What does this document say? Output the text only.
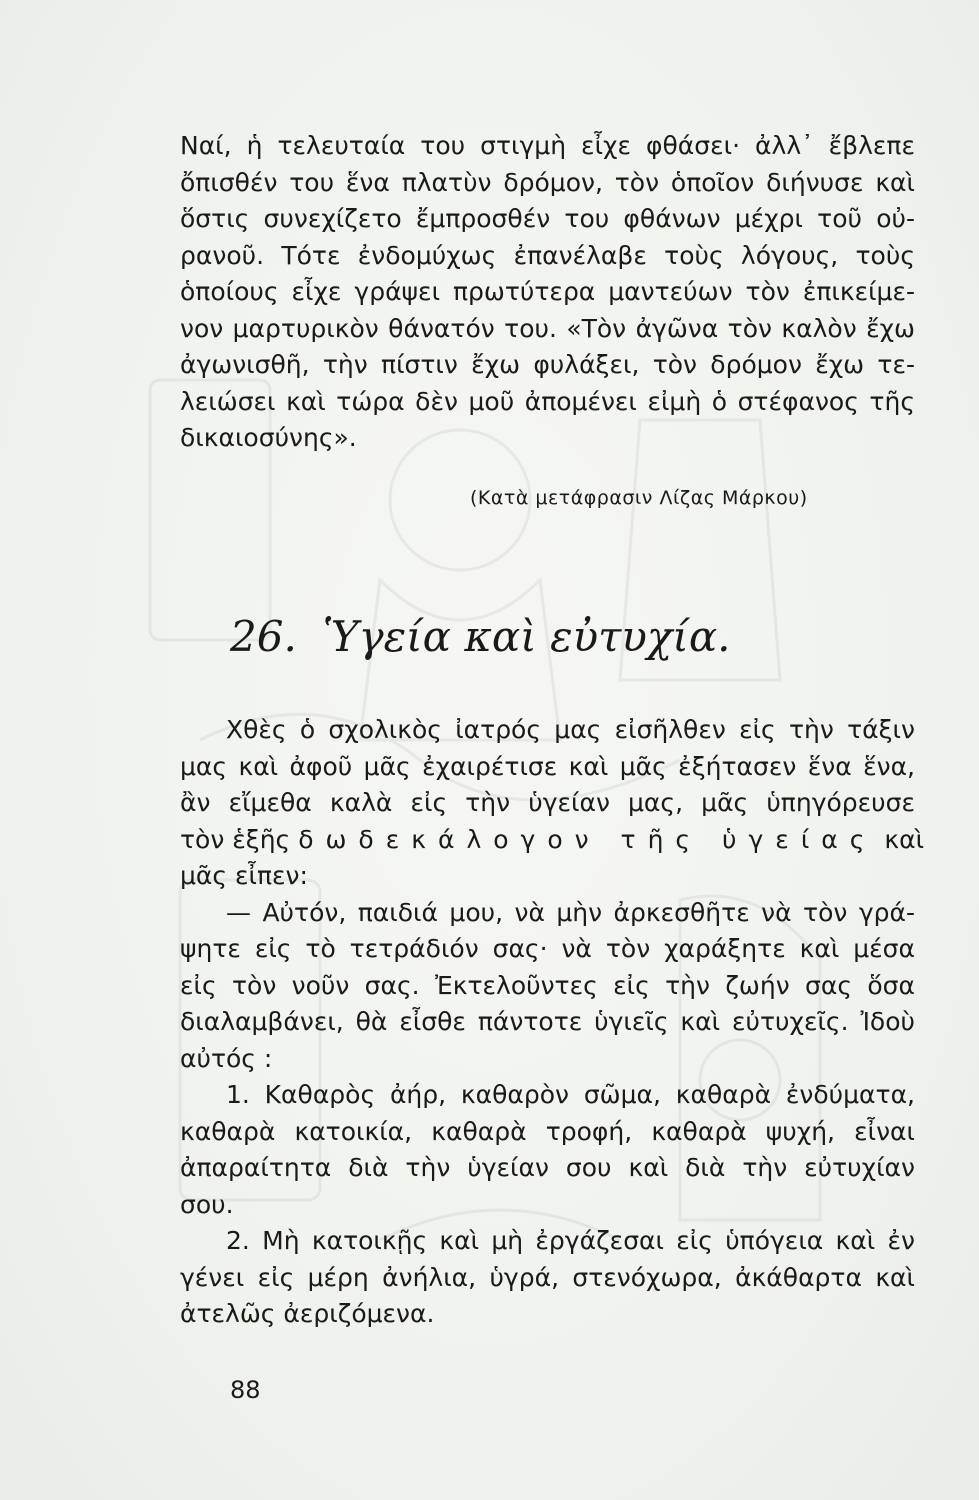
Ναί, ἡ τελευταία του στιγμὴ εἶχε φθάσει· ἀλλ᾿ ἔβλεπε
ὄπισθέν του ἕνα πλατὺν δρόμον, τὸν ὁποῖον διήνυσε καὶ
ὅστις συνεχίζετο ἔμπροσθέν του φθάνων μέχρι τοῦ οὐ-
ρανοῦ. Τότε ἐνδομύχως ἐπανέλαβε τοὺς λόγους, τοὺς
ὁποίους εἶχε γράψει πρωτύτερα μαντεύων τὸν ἐπικείμε-
νον μαρτυρικὸν θάνατόν του. «Τὸν ἀγῶνα τὸν καλὸν ἔχω
ἀγωνισθῆ, τὴν πίστιν ἔχω φυλάξει, τὸν δρόμον ἔχω τε-
λειώσει καὶ τώρα δὲν μοῦ ἀπομένει εἰμὴ ὁ στέφανος τῆς
δικαιοσύνης».
(Κατὰ μετάφρασιν Λίζας Μάρκου)
26. Ὑγεία καὶ εὐτυχία.
Χθὲς ὁ σχολικὸς ἰατρός μας εἰσῆλθεν εἰς τὴν τάξιν
μας καὶ ἀφοῦ μᾶς ἐχαιρέτισε καὶ μᾶς ἐξήτασεν ἕνα ἕνα,
ἂν εἴμεθα καλὰ εἰς τὴν ὑγείαν μας, μᾶς ὑπηγόρευσε
τὸν ἑξῆς δωδεκάλογον τῆς ὑγείας καὶ
μᾶς εἶπεν:
— Αὐτόν, παιδιά μου, νὰ μὴν ἀρκεσθῆτε νὰ τὸν γρά-
ψητε εἰς τὸ τετράδιόν σας· νὰ τὸν χαράξητε καὶ μέσα
εἰς τὸν νοῦν σας. Ἐκτελοῦντες εἰς τὴν ζωήν σας ὅσα
διαλαμβάνει, θὰ εἶσθε πάντοτε ὑγιεῖς καὶ εὐτυχεῖς. Ἰδοὺ
αὐτός :
1. Καθαρὸς ἀήρ, καθαρὸν σῶμα, καθαρὰ ἐνδύματα,
καθαρὰ κατοικία, καθαρὰ τροφή, καθαρὰ ψυχή, εἶναι
ἀπαραίτητα διὰ τὴν ὑγείαν σου καὶ διὰ τὴν εὐτυχίαν
σου.
2. Μὴ κατοικῇς καὶ μὴ ἐργάζεσαι εἰς ὑπόγεια καὶ ἐν
γένει εἰς μέρη ἀνήλια, ὑγρά, στενόχωρα, ἀκάθαρτα καὶ
ἀτελῶς ἀεριζόμενα.
88
